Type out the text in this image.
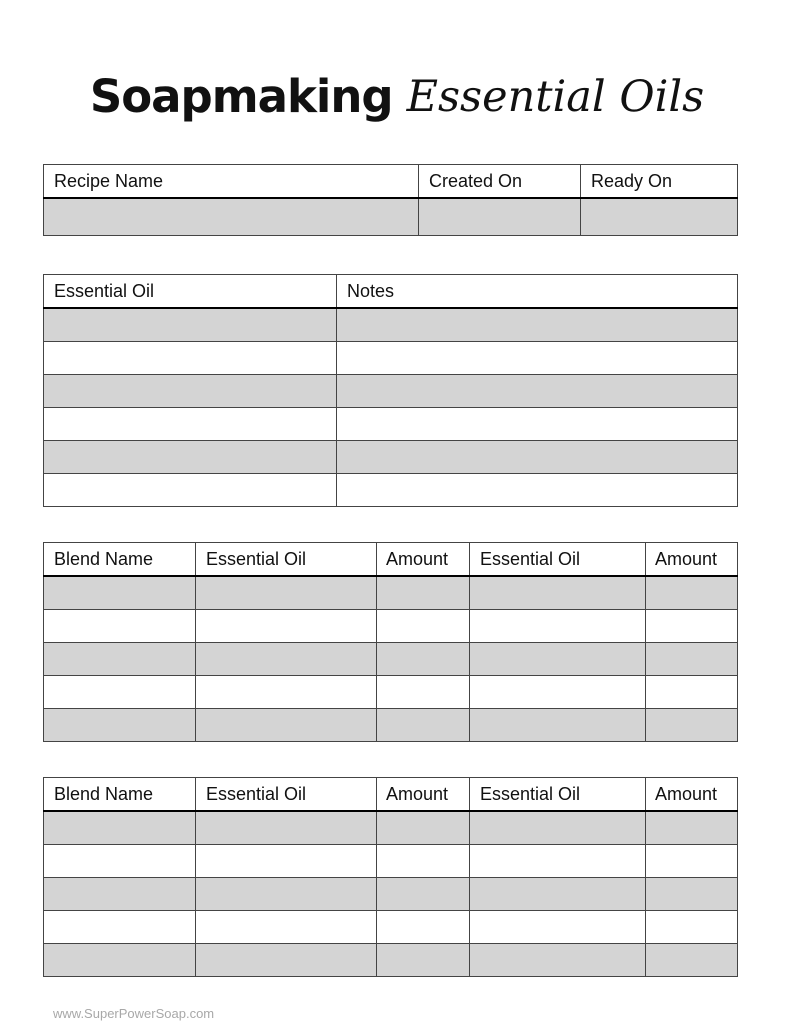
Soapmaking Essential Oils
Recipe Name	Created On	Ready On

Essential Oil	Notes

Blend Name	Essential Oil	Amount	Essential Oil	Amount

Blend Name	Essential Oil	Amount	Essential Oil	Amount

www.SuperPowerSoap.com
